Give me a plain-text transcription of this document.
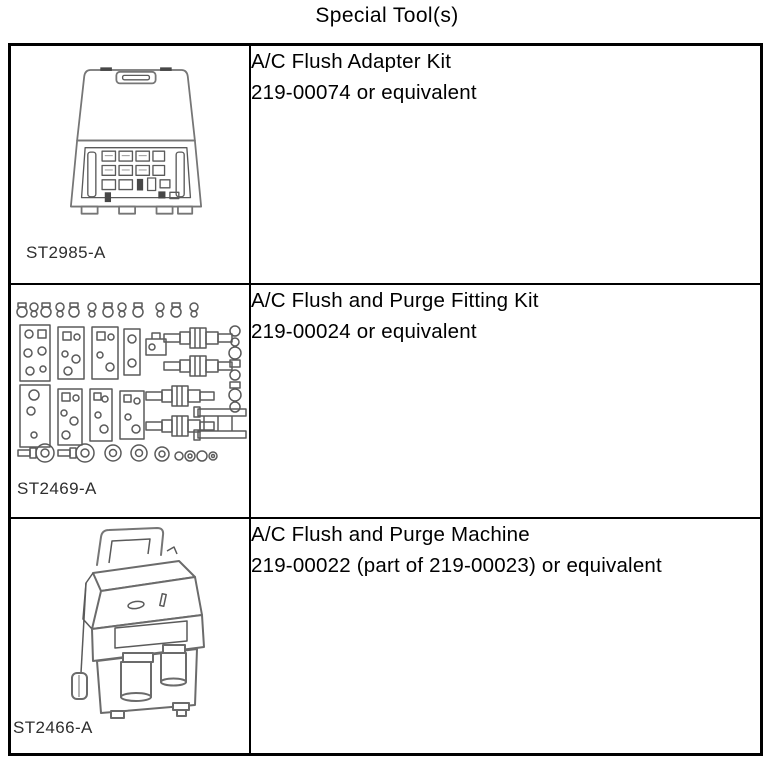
Special Tool(s)
ST2985-A	A/C Flush Adapter Kit
219-00074 or equivalent

ST2469-A	A/C Flush and Purge Fitting Kit
219-00024 or equivalent

ST2466-A	A/C Flush and Purge Machine
219-00022 (part of 219-00023) or equivalent
